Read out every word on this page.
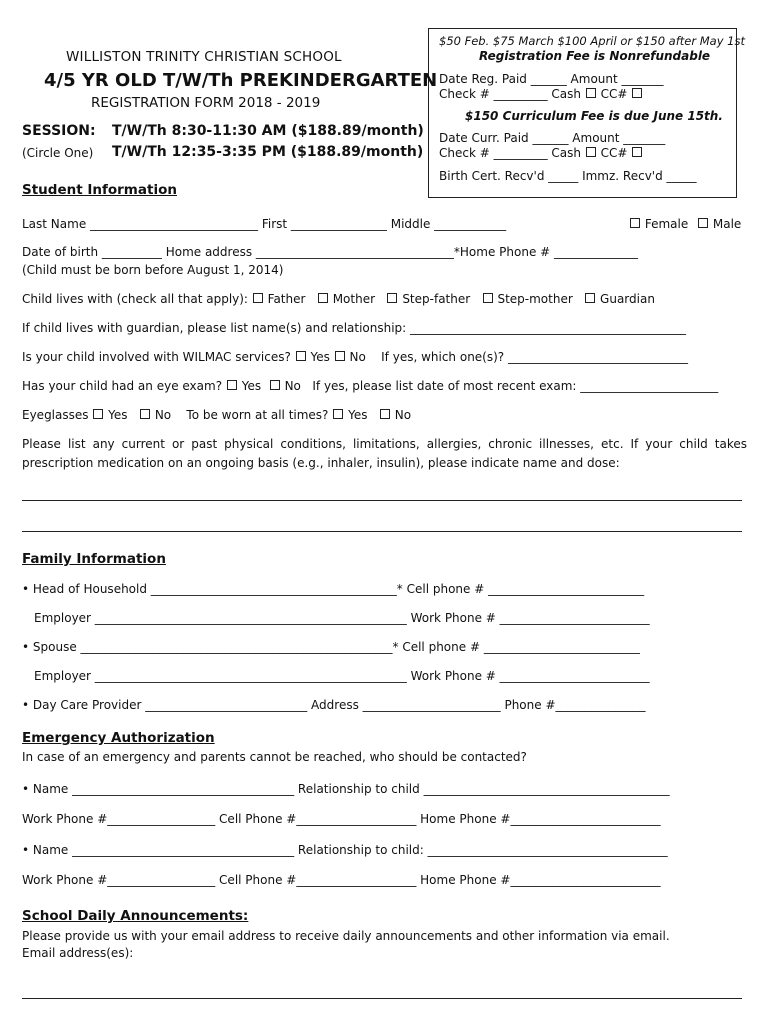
$50 Feb. $75 March $100 April or $150 after May 1st
Registration Fee is Nonrefundable
Date Reg. Paid ______ Amount _______
Check # _________ Cash CC#
$150 Curriculum Fee is due June 15th.
Date Curr. Paid ______ Amount _______
Check # _________ Cash CC#
Birth Cert. Recv'd _____ Immz. Recv'd _____
WILLISTON TRINITY CHRISTIAN SCHOOL
4/5 YR OLD T/W/Th PREKINDERGARTEN
REGISTRATION FORM 2018 - 2019
SESSION: T/W/Th 8:30-11:30 AM ($188.89/month)
(Circle One) T/W/Th 12:35-3:35 PM ($188.89/month)
Student Information
Last Name ____________________________ First ________________ Middle ____________	Female Male
Date of birth __________ Home address _________________________________*Home Phone # ______________
(Child must be born before August 1, 2014)
Child lives with (check all that apply): Father Mother Step-father Step-mother Guardian
If child lives with guardian, please list name(s) and relationship: ______________________________________________
Is your child involved with WILMAC services? Yes No If yes, which one(s)? ______________________________
Has your child had an eye exam? Yes No If yes, please list date of most recent exam: _______________________
Eyeglasses Yes No To be worn at all times? Yes No
Please list any current or past physical conditions, limitations, allergies, chronic illnesses, etc. If your child takes prescription medication on an ongoing basis (e.g., inhaler, insulin), please indicate name and dose:
Family Information
• Head of Household _________________________________________* Cell phone # __________________________
Employer ____________________________________________________ Work Phone # _________________________
• Spouse ____________________________________________________* Cell phone # __________________________
Employer ____________________________________________________ Work Phone # _________________________
• Day Care Provider ___________________________ Address _______________________ Phone #_______________
Emergency Authorization
In case of an emergency and parents cannot be reached, who should be contacted?
• Name _____________________________________ Relationship to child _________________________________________
Work Phone #__________________ Cell Phone #____________________ Home Phone #_________________________
• Name _____________________________________ Relationship to child: ________________________________________
Work Phone #__________________ Cell Phone #____________________ Home Phone #_________________________
School Daily Announcements:
Please provide us with your email address to receive daily announcements and other information via email.
Email address(es):
